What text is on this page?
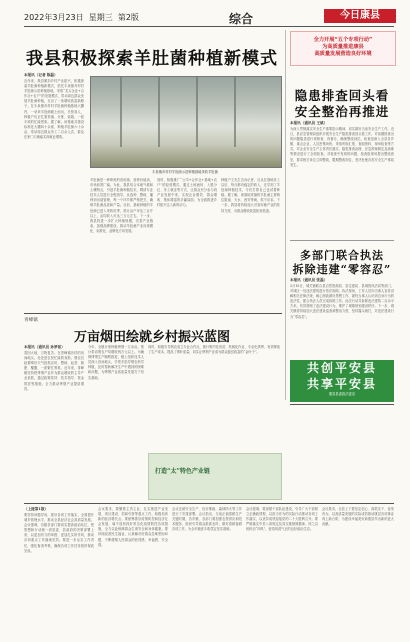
2022年3月23日 星期三 第2版	综合	今日康县
我县积极探索羊肚菌种植新模式
本报讯（记者 陈磊）
近年来，我县紧扣乡村产业振兴，积极探索羊肚菌种植新模式，依托丰泉镇乔村村羊肚菌示范种植基地，采取“龙头企业+合作社+农户”的发展模式，带动周边群众发展羊肚菌种植，走出了一条增收致富新路子。在丰泉镇乔村村羊肚菌种植基地大棚内，一朵朵羊肚菌破土而出，长势喜人，种植户们正忙着采摘、分拣、装箱，一派丰收的忙碌景象。据了解，该基地共建设标准化大棚四十余座，种植羊肚菌六十余亩，带动周边群众务工二百余人次，群众在家门口就能实现就业增收。
丰泉镇乔村村羊肚菌示范种植基地采收羊肚菌
羊肚菌是一种珍贵的食用菌，营养价值高，市场前景广阔。为此，我县结合本地气候和土壤特点，引进羊肚菌种植技术，聘请专业技术人员进行全程指导，从选种、整地、播种到出菇管理，每一个环节都严格把关，确保羊肚菌品质和产量。目前，基地种植的羊肚菌已进入采收旺季，预计亩产可达三百斤以上，亩均收入可达三万元左右。下一步，我县将进一步扩大种植规模，完善产业链条，加强品牌建设，推动羊肚菌产业向规模化、标准化、品牌化方向发展。
同时，积极推广“公司+合作社+基地+农户”的经营模式，通过土地流转、入股分红、务工就业等方式，让群众充分参与到产业发展中来，实现企业增效、群众增收、集体增富的多赢局面，为全面推进乡村振兴注入新的动力。
种植户王先生告诉记者，自从在基地务工以后，每月都有稳定的收入，还学到了羊肚菌种植技术，今后打算自己也试着种植。据了解，该基地采摘的羊肚菌主要销往陇南、天水、西安等地，供不应求。下一步，我县将持续加大对食用菌产业的扶持力度，为群众增收致富拓宽渠道。
全力开展“五个专项行动”
为高质量推进康县
高质量发展营造良好环境
隐患排查回头看
安全整治再推进
本报讯（通讯员 王斌）
为深入贯彻落实安全生产重要指示精神，切实做好当前安全生产工作，近日，县应急管理局组织开展安全生产隐患排查回头看工作，对前期排查出的问题隐患进行再核查、再督办，确保整改到位。检查组深入全县各乡镇、重点企业、人员密集场所，采取听取汇报、查阅资料、现场检查等方式，对企业安全生产主体责任落实、隐患排查治理、应急预案制定及演练等情况进行了全面检查。对检查中发现的问题，检查组现场提出整改意见，要求相关单位立即整改，限期整改到位，坚决杜绝各类安全生产事故发生。
多部门联合执法
拆除违建“零容忍”
本报讯（通讯员 张磊）
3月16日，城关镇联合县自然资源局、县住建局、县城管执法局等部门，对城区一处违法建筑进行依法拆除。执法现场，工作人员向当事人宣传讲解相关法律法规，耐心细致做好思想工作，最终当事人认识到自身行为的违法性，配合执法人员完成拆除工作。此次行动共拆除违法建筑二百余平方米，有效遏制了违法建设行为，维护了城镇规划建设秩序。下一步，城关镇将持续加大违法建设巡查和整治力度，坚持露头就打，对违法建设行为“零容忍”。
共创平安县
共享平安县
康县县委政法委宣
青峰镇
万亩烟田绘就乡村振兴蓝图
本报讯（通讯员 孙梦茹）
春回大地，万物复苏。在青峰镇各村的田间地头，处处是农民忙碌的身影。烟农们趁着晴好天气抢抓农时，整地、起垄、施肥、覆膜，一派繁忙景象。近年来，青峰镇坚持把烤烟产业作为群众增收的主导产业来抓，通过政策扶持、技术指导、资金帮扶等措施，全力推动烤烟产业提质增效。
今年，全镇计划种植烤烟一万余亩，预计带动烟农户均增收两万元以上。为确保烤烟生产顺利推进，镇上组织技术人员深入田间地头，手把手指导烟农科学种植，及时帮助解决生产中遇到的困难和问题，为烤烟产业高质量发展打下坚实基础。
同时，积极引导烟农成立专业合作社，推行集约化育苗、机械化作业、专业化烘烤，有效降低了生产成本，提高了烟叶质量，切实让烤烟产业成为群众脱贫致富的“金叶子”。
打造“太”特色产业链
（上接第1版）
要坚持问题导向，抓好各项工作落实，全面提升城乡管理水平，推动全县经济社会高质量发展。会议强调，各级各部门要切实提高政治站位，把思想和行动统一到县委、县政府的决策部署上来，以更加有力的举措、更加扎实的作风，推动各项重点工作落地见效。要进一步压实工作责任，强化督查考核，确保各项工作任务按时保质完成。
会议要求，要聚焦主责主业，扎实推进产业发展、项目建设、招商引资等重点工作，积极培育新的经济增长点。要统筹抓好疫情防控和经济社会发展，毫不放松抓好常态化疫情防控各项措施，全力以赴保障群众生命安全和身体健康。要持续改善民生福祉，认真解决好群众急难愁盼问题，不断增强人民群众的获得感、幸福感、安全感。
会议还就安全生产、信访维稳、森林防火等工作进行了安排部署。会议指出，当前正值春耕生产关键时期，各乡镇、各部门要加强农资供应和技术服务，组织引导群众抢抓农时，做好春耕备耕各项工作，为全年粮食丰收奠定坚实基础。
会议强调，要加强干部队伍建设，引导广大干部树立正确政绩观，以担当作为的实际行动推动各项工作落实，以优异成绩迎接党的二十大胜利召开。要严格落实中央八项规定及其实施细则精神，持之以恒纠治“四风”，营造风清气正的良好政治生态。
会议要求，全县上下要坚定信心、真抓实干、奋发有为，以高质量发展的实际成效推动康县各项事业再上新台阶，为建设幸福美好新康县作出新的更大贡献。
